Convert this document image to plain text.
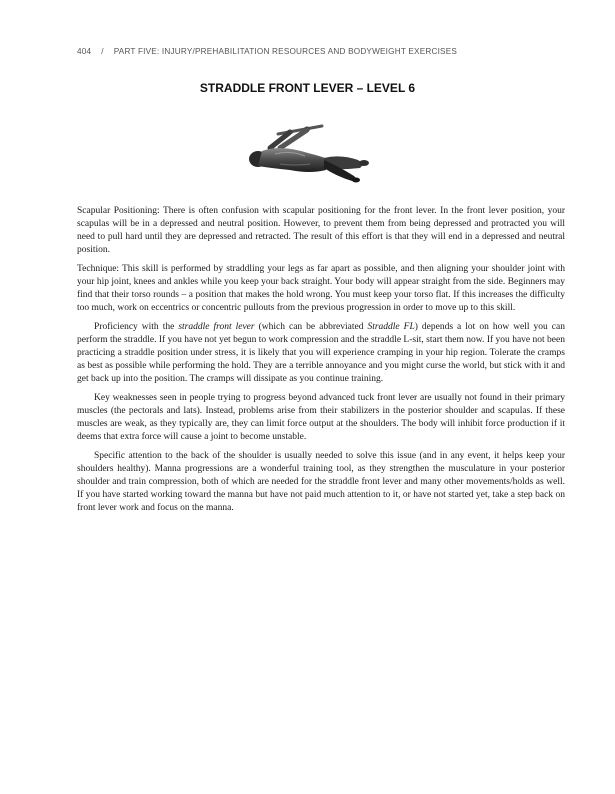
404 / PART FIVE: INJURY/PREHABILITATION RESOURCES AND BODYWEIGHT EXERCISES
STRADDLE FRONT LEVER – LEVEL 6

Scapular Positioning: There is often confusion with scapular positioning for the front lever. In the front lever position, your scapulas will be in a depressed and neutral position. However, to prevent them from being depressed and protracted you will need to pull hard until they are depressed and retracted. The result of this effort is that they will end in a depressed and neutral position.

Technique: This skill is performed by straddling your legs as far apart as possible, and then aligning your shoulder joint with your hip joint, knees and ankles while you keep your back straight. Your body will appear straight from the side. Beginners may find that their torso rounds – a position that makes the hold wrong. You must keep your torso flat. If this increases the difficulty too much, work on eccentrics or concentric pullouts from the previous progression in order to move up to this skill.

Proficiency with the straddle front lever (which can be abbreviated Straddle FL) depends a lot on how well you can perform the straddle. If you have not yet begun to work compression and the straddle L-sit, start them now. If you have not been practicing a straddle position under stress, it is likely that you will experience cramping in your hip region. Tolerate the cramps as best as possible while performing the hold. They are a terrible annoyance and you might curse the world, but stick with it and get back up into the position. The cramps will dissipate as you continue training.

Key weaknesses seen in people trying to progress beyond advanced tuck front lever are usually not found in their primary muscles (the pectorals and lats). Instead, problems arise from their stabilizers in the posterior shoulder and scapulas. If these muscles are weak, as they typically are, they can limit force output at the shoulders. The body will inhibit force production if it deems that extra force will cause a joint to become unstable.

Specific attention to the back of the shoulder is usually needed to solve this issue (and in any event, it helps keep your shoulders healthy). Manna progressions are a wonderful training tool, as they strengthen the musculature in your posterior shoulder and train compression, both of which are needed for the straddle front lever and many other movements/holds as well. If you have started working toward the manna but have not paid much attention to it, or have not started yet, take a step back on front lever work and focus on the manna.
